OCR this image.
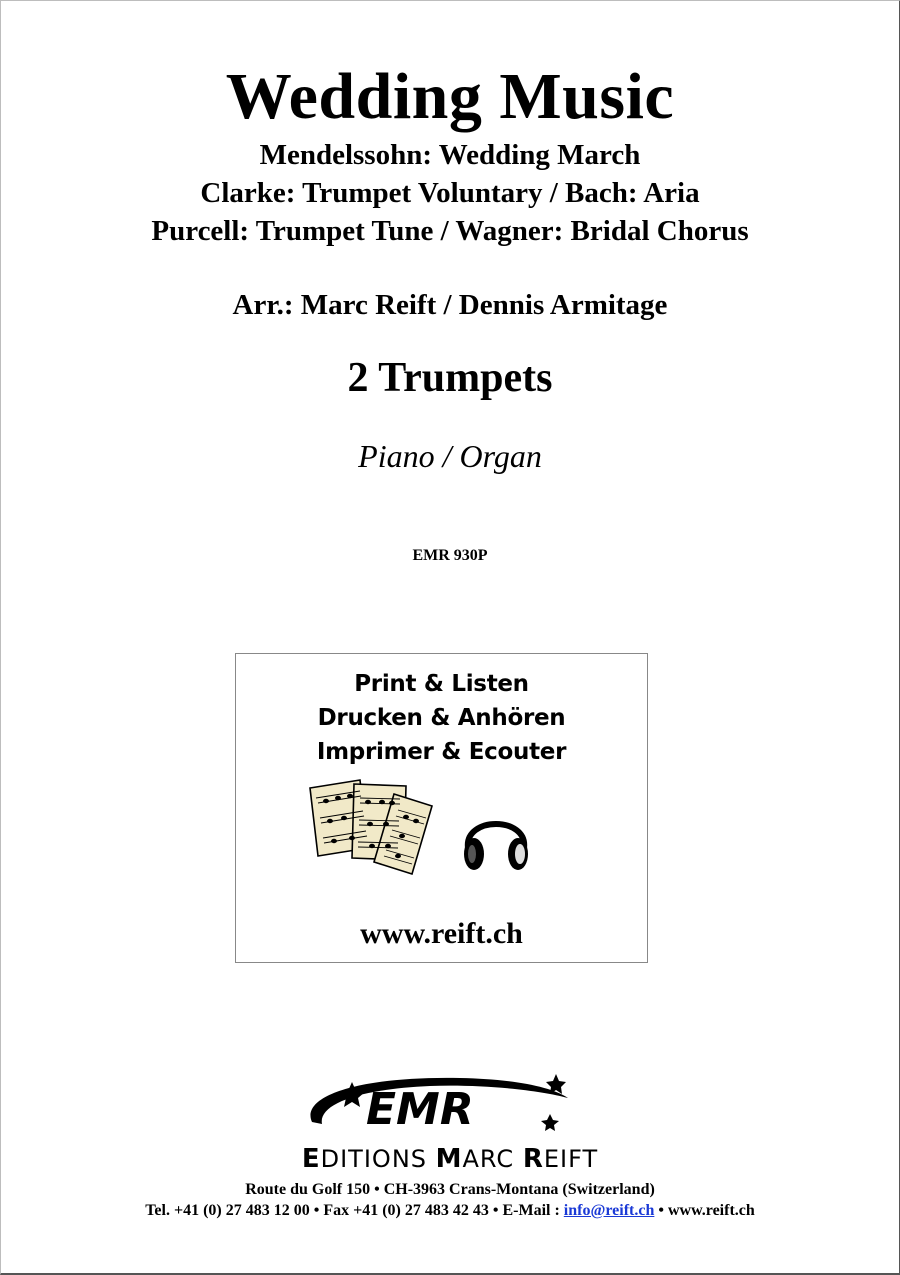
Wedding Music
Mendelssohn: Wedding March
Clarke: Trumpet Voluntary / Bach: Aria
Purcell: Trumpet Tune / Wagner: Bridal Chorus
Arr.: Marc Reift / Dennis Armitage
2 Trumpets
Piano / Organ
EMR 930P
Print & Listen
Drucken & Anhören
Imprimer & Ecouter
www.reift.ch
EMR
EDITIONS MARC REIFT
Route du Golf 150 • CH-3963 Crans-Montana (Switzerland)
Tel. +41 (0) 27 483 12 00 • Fax +41 (0) 27 483 42 43 • E-Mail : info@reift.ch • www.reift.ch
